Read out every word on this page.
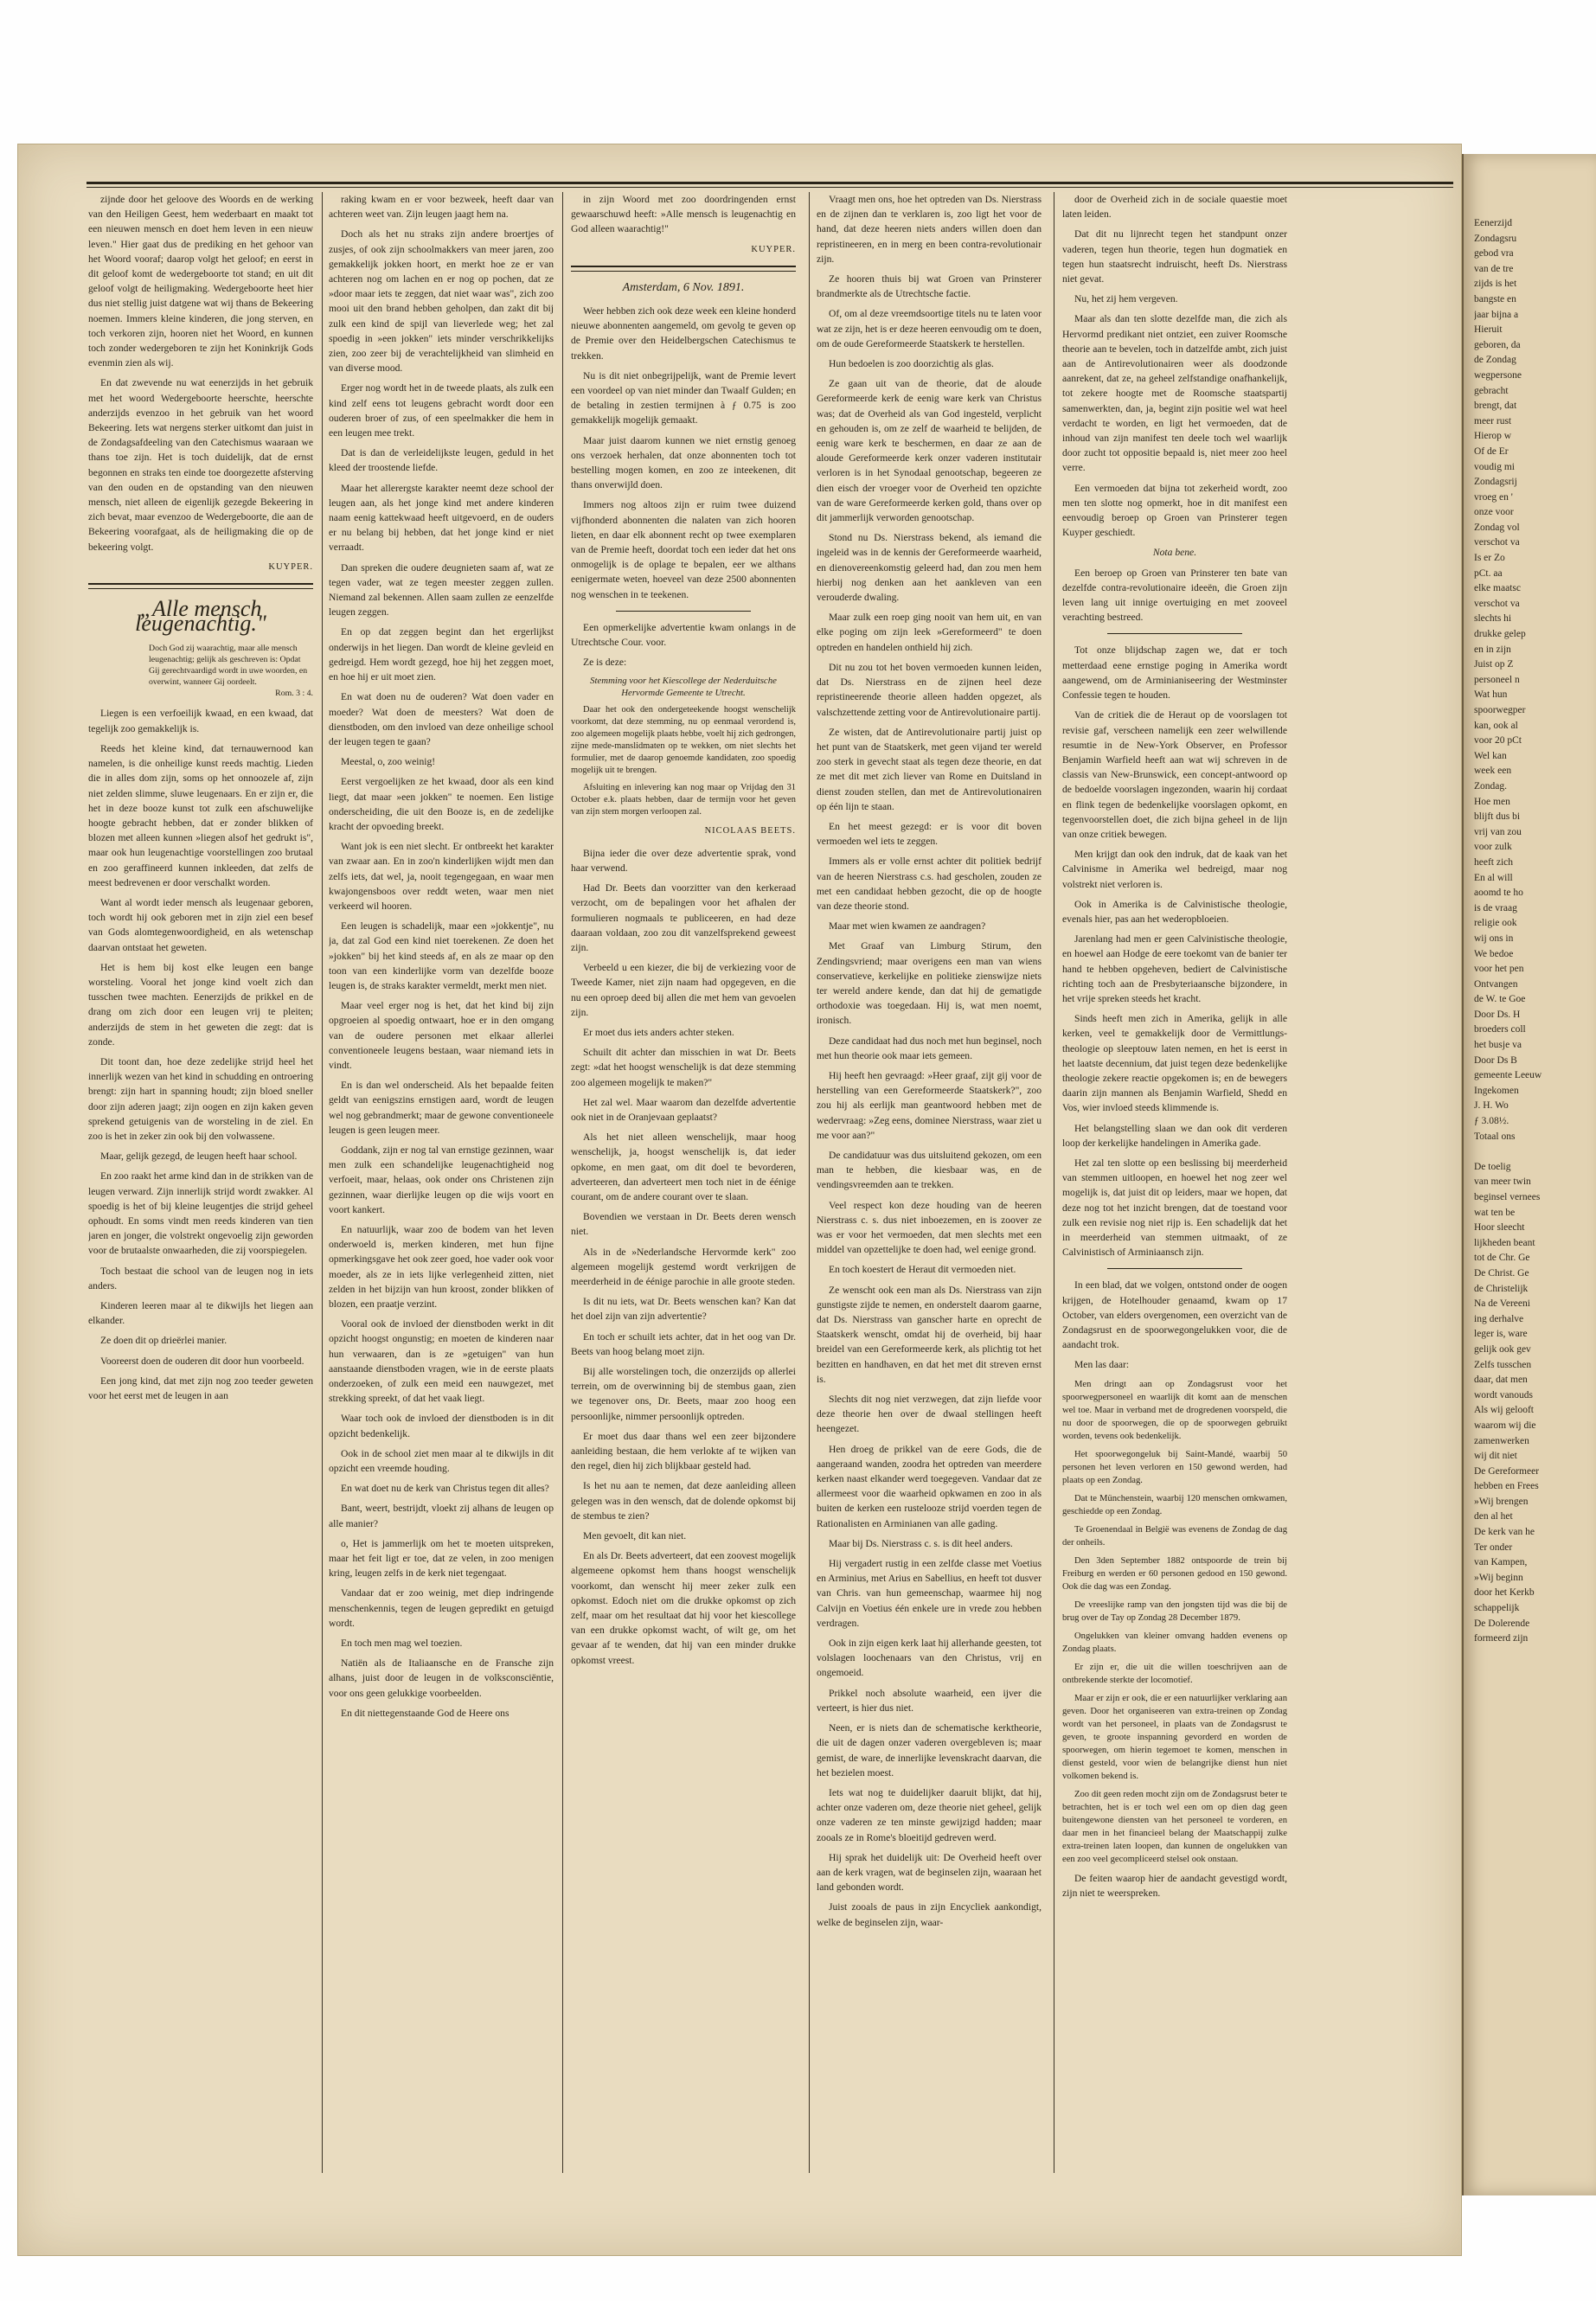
Eenerzijd
Zondagsru
gebod vra
van de tre
zijds is het
bangste en
jaar bijna a
Hieruit
geboren, da
de Zondag
wegpersone
gebracht
brengt, dat
meer rust
Hierop w
Of de Er
voudig mi
Zondagsrij
vroeg en '
onze voor
Zondag vol
verschot va
Is er Zo
pCt. aa
elke maatsc
verschot va
slechts hi
drukke gelep
en in zijn
Juist op Z
personeel n
Wat hun
spoorwegper
kan, ook al
voor 20 pCt
Wel kan
week een
Zondag.
Hoe men
blijft dus bi
vrij van zou
voor zulk
heeft zich
En al will
aoomd te ho
is de vraag
religie ook
wij ons in
We bedoe
voor het pen
Ontvangen
de W. te Goe
Door Ds. H
broeders coll
het busje va
Door Ds B
gemeente Leeuw
Ingekomen
J. H. Wo
ƒ 3.08½.
Totaal ons

De toelig
van meer twin
beginsel vernees
wat ten be
Hoor sleecht
lijkheden beant
tot de Chr. Ge
De Christ. Ge
de Christelijk
Na de Vereeni
ing derhalve
leger is, ware
gelijk ook gev
Zelfs tusschen
daar, dat men
wordt vanouds
Als wij gelooft
waarom wij die
zamenwerken
wij dit niet
De Gereformeer
hebben en Frees
»Wij brengen
den al het
De kerk van he
Ter onder
van Kampen,
»Wij beginn
door het Kerkb
schappelijk
De Dolerende
formeerd zijn

zijnde door het geloove des Woords en de werking van den Heiligen Geest, hem wederbaart en maakt tot een nieuwen mensch en doet hem leven in een nieuw leven." Hier gaat dus de prediking en het gehoor van het Woord vooraf; daarop volgt het geloof; en eerst in dit geloof komt de wedergeboorte tot stand; en uit dit geloof volgt de heiligmaking. Wedergeboorte heet hier dus niet stellig juist datgene wat wij thans de Bekeering noemen. Immers kleine kinderen, die jong sterven, en toch verkoren zijn, hooren niet het Woord, en kunnen toch zonder wedergeboren te zijn het Koninkrijk Gods evenmin zien als wij.

En dat zwevende nu wat eenerzijds in het gebruik met het woord Wedergeboorte heerschte, heerschte anderzijds evenzoo in het gebruik van het woord Bekeering. Iets wat nergens sterker uitkomt dan juist in de Zondagsafdeeling van den Catechismus waaraan we thans toe zijn. Het is toch duidelijk, dat de ernst begonnen en straks ten einde toe doorgezette afsterving van den ouden en de opstanding van den nieuwen mensch, niet alleen de eigenlijk gezegde Bekeering in zich bevat, maar evenzoo de Wedergeboorte, die aan de Bekeering voorafgaat, als de heiligmaking die op de bekeering volgt.

KUYPER.
„Alle mensch leugenachtig."
Doch God zij waarachtig, maar alle mensch leugenachtig; gelijk als geschreven is: Opdat Gij gerechtvaardigd wordt in uwe woorden, en overwint, wanneer Gij oordeelt.
Rom. 3 : 4.

Liegen is een verfoeilijk kwaad, en een kwaad, dat tegelijk zoo gemakkelijk is.

Reeds het kleine kind, dat ternauwernood kan namelen, is die onheilige kunst reeds machtig. Lieden die in alles dom zijn, soms op het onnoozele af, zijn niet zelden slimme, sluwe leugenaars. En er zijn er, die het in deze booze kunst tot zulk een afschuwelijke hoogte gebracht hebben, dat er zonder blikken of blozen met alleen kunnen »liegen alsof het gedrukt is", maar ook hun leugenachtige voorstellingen zoo brutaal en zoo geraffineerd kunnen inkleeden, dat zelfs de meest bedrevenen er door verschalkt worden.

Want al wordt ieder mensch als leugenaar geboren, toch wordt hij ook geboren met in zijn ziel een besef van Gods alomtegenwoordigheid, en als wetenschap daarvan ontstaat het geweten.

Het is hem bij kost elke leugen een bange worsteling. Vooral het jonge kind voelt zich dan tusschen twee machten. Eenerzijds de prikkel en de drang om zich door een leugen vrij te pleiten; anderzijds de stem in het geweten die zegt: dat is zonde.

Dit toont dan, hoe deze zedelijke strijd heel het innerlijk wezen van het kind in schudding en ontroering brengt: zijn hart in spanning houdt; zijn bloed sneller door zijn aderen jaagt; zijn oogen en zijn kaken geven sprekend getuigenis van de worsteling in de ziel. En zoo is het in zeker zin ook bij den volwassene.

Maar, gelijk gezegd, de leugen heeft haar school.

En zoo raakt het arme kind dan in de strikken van de leugen verward. Zijn innerlijk strijd wordt zwakker. Al spoedig is het of bij kleine leugentjes die strijd geheel ophoudt. En soms vindt men reeds kinderen van tien jaren en jonger, die volstrekt ongevoelig zijn geworden voor de brutaalste onwaarheden, die zij voorspiegelen.

Toch bestaat die school van de leugen nog in iets anders.

Kinderen leeren maar al te dikwijls het liegen aan elkander.

Ze doen dit op drieërlei manier.

Vooreerst doen de ouderen dit door hun voorbeeld.

Een jong kind, dat met zijn nog zoo teeder geweten voor het eerst met de leugen in aan

raking kwam en er voor bezweek, heeft daar van achteren weet van. Zijn leugen jaagt hem na.

Doch als het nu straks zijn andere broertjes of zusjes, of ook zijn schoolmakkers van meer jaren, zoo gemakkelijk jokken hoort, en merkt hoe ze er van achteren nog om lachen en er nog op pochen, dat ze »door maar iets te zeggen, dat niet waar was", zich zoo mooi uit den brand hebben geholpen, dan zakt dit bij zulk een kind de spijl van lieverlede weg; het zal spoedig in »een jokken" iets minder verschrikkelijks zien, zoo zeer bij de verachtelijkheid van slimheid en van diverse mood.

Erger nog wordt het in de tweede plaats, als zulk een kind zelf eens tot leugens gebracht wordt door een ouderen broer of zus, of een speelmakker die hem in een leugen mee trekt.

Dat is dan de verleidelijkste leugen, geduld in het kleed der troostende liefde.

Maar het allerergste karakter neemt deze school der leugen aan, als het jonge kind met andere kinderen naam eenig kattekwaad heeft uitgevoerd, en de ouders er nu belang bij hebben, dat het jonge kind er niet verraadt.

Dan spreken die oudere deugnieten saam af, wat ze tegen vader, wat ze tegen meester zeggen zullen. Niemand zal bekennen. Allen saam zullen ze eenzelfde leugen zeggen.

En op dat zeggen begint dan het ergerlijkst onderwijs in het liegen. Dan wordt de kleine gevleid en gedreigd. Hem wordt gezegd, hoe hij het zeggen moet, en hoe hij er uit moet zien.

En wat doen nu de ouderen? Wat doen vader en moeder? Wat doen de meesters? Wat doen de dienstboden, om den invloed van deze onheilige school der leugen tegen te gaan?

Meestal, o, zoo weinig!

Eerst vergoelijken ze het kwaad, door als een kind liegt, dat maar »een jokken" te noemen. Een listige onderscheiding, die uit den Booze is, en de zedelijke kracht der opvoeding breekt.

Want jok is een niet slecht. Er ontbreekt het karakter van zwaar aan. En in zoo'n kinderlijken wijdt men dan zelfs iets, dat wel, ja, nooit tegengegaan, en waar men kwajongensboos over reddt weten, waar men niet verkeerd wil hooren.

Een leugen is schadelijk, maar een »jokkentje", nu ja, dat zal God een kind niet toerekenen. Ze doen het »jokken" bij het kind steeds af, en als ze maar op den toon van een kinderlijke vorm van dezelfde booze leugen is, de straks karakter vermeldt, merkt men niet.

Maar veel erger nog is het, dat het kind bij zijn opgroeien al spoedig ontwaart, hoe er in den omgang van de oudere personen met elkaar allerlei conventioneele leugens bestaan, waar niemand iets in vindt.

En is dan wel onderscheid. Als het bepaalde feiten geldt van eenigszins ernstigen aard, wordt de leugen wel nog gebrandmerkt; maar de gewone conventioneele leugen is geen leugen meer.

Goddank, zijn er nog tal van ernstige gezinnen, waar men zulk een schandelijke leugenachtigheid nog verfoeit, maar, helaas, ook onder ons Christenen zijn gezinnen, waar dierlijke leugen op die wijs voort en voort kankert.

En natuurlijk, waar zoo de bodem van het leven onderwoeld is, merken kinderen, met hun fijne opmerkingsgave het ook zeer goed, hoe vader ook voor moeder, als ze in iets lijke verlegenheid zitten, niet zelden in het bijzijn van hun kroost, zonder blikken of blozen, een praatje verzint.

Vooral ook de invloed der dienstboden werkt in dit opzicht hoogst ongunstig; en moeten de kinderen naar hun verwaaren, dan is ze »getuigen" van hun aanstaande dienstboden vragen, wie in de eerste plaats onderzoeken, of zulk een meid een nauwgezet, met strekking spreekt, of dat het vaak liegt.

Waar toch ook de invloed der dienstboden is in dit opzicht bedenkelijk.

Ook in de school ziet men maar al te dikwijls in dit opzicht een vreemde houding.

En wat doet nu de kerk van Christus tegen dit alles?

Bant, weert, bestrijdt, vloekt zij alhans de leugen op alle manier?

o, Het is jammerlijk om het te moeten uitspreken, maar het feit ligt er toe, dat ze velen, in zoo menigen kring, leugen zelfs in de kerk niet tegengaat.

Vandaar dat er zoo weinig, met diep indringende menschenkennis, tegen de leugen gepredikt en getuigd wordt.

En toch men mag wel toezien.

Natiën als de Italiaansche en de Fransche zijn alhans, juist door de leugen in de volksconsciëntie, voor ons geen gelukkige voorbeelden.

En dit niettegenstaande God de Heere ons

in zijn Woord met zoo doordringenden ernst gewaarschuwd heeft: »Alle mensch is leugenachtig en God alleen waarachtig!"

KUYPER.
Amsterdam, 6 Nov. 1891.

Weer hebben zich ook deze week een kleine honderd nieuwe abonnenten aangemeld, om gevolg te geven op de Premie over den Heidelbergschen Catechismus te trekken.

Nu is dit niet onbegrijpelijk, want de Premie levert een voordeel op van niet minder dan Twaalf Gulden; en de betaling in zestien termijnen à ƒ 0.75 is zoo gemakkelijk mogelijk gemaakt.

Maar juist daarom kunnen we niet ernstig genoeg ons verzoek herhalen, dat onze abonnenten toch tot bestelling mogen komen, en zoo ze inteekenen, dit thans onverwijld doen.

Immers nog altoos zijn er ruim twee duizend vijfhonderd abonnenten die nalaten van zich hooren lieten, en daar elk abonnent recht op twee exemplaren van de Premie heeft, doordat toch een ieder dat het ons onmogelijk is de oplage te bepalen, eer we althans eenigermate weten, hoeveel van deze 2500 abonnenten nog wenschen in te teekenen.

Een opmerkelijke advertentie kwam onlangs in de Utrechtsche Cour. voor.

Ze is deze:

Stemming voor het Kiescollege der Nederduitsche Hervormde Gemeente te Utrecht.

Daar het ook den ondergeteekende hoogst wenschelijk voorkomt, dat deze stemming, nu op eenmaal verordend is, zoo algemeen mogelijk plaats hebbe, voelt hij zich gedrongen, zijne mede-manslidmaten op te wekken, om niet slechts het formulier, met de daarop genoemde kandidaten, zoo spoedig mogelijk uit te brengen.

Afsluiting en inlevering kan nog maar op Vrijdag den 31 October e.k. plaats hebben, daar de termijn voor het geven van zijn stem morgen verloopen zal.

NICOLAAS BEETS.

Bijna ieder die over deze advertentie sprak, vond haar verwend.

Had Dr. Beets dan voorzitter van den kerkeraad verzocht, om de bepalingen voor het afhalen der formulieren nogmaals te publiceeren, en had deze daaraan voldaan, zoo zou dit vanzelfsprekend geweest zijn.

Verbeeld u een kiezer, die bij de verkiezing voor de Tweede Kamer, niet zijn naam had opgegeven, en die nu een oproep deed bij allen die met hem van gevoelen zijn.

Er moet dus iets anders achter steken.

Schuilt dit achter dan misschien in wat Dr. Beets zegt: »dat het hoogst wenschelijk is dat deze stemming zoo algemeen mogelijk te maken?"

Het zal wel. Maar waarom dan dezelfde advertentie ook niet in de Oranjevaan geplaatst?

Als het niet alleen wenschelijk, maar hoog wenschelijk, ja, hoogst wenschelijk is, dat ieder opkome, en men gaat, om dit doel te bevorderen, adverteeren, dan adverteert men toch niet in de éénige courant, om de andere courant over te slaan.

Bovendien we verstaan in Dr. Beets deren wensch niet.

Als in de »Nederlandsche Hervormde kerk" zoo algemeen mogelijk gestemd wordt verkrijgen de meerderheid in de éénige parochie in alle groote steden.

Is dit nu iets, wat Dr. Beets wenschen kan? Kan dat het doel zijn van zijn advertentie?

En toch er schuilt iets achter, dat in het oog van Dr. Beets van hoog belang moet zijn.

Bij alle worstelingen toch, die onzerzijds op allerlei terrein, om de overwinning bij de stembus gaan, zien we tegenover ons, Dr. Beets, maar zoo hoog een persoonlijke, nimmer persoonlijk optreden.

Er moet dus daar thans wel een zeer bijzondere aanleiding bestaan, die hem verlokte af te wijken van den regel, dien hij zich blijkbaar gesteld had.

Is het nu aan te nemen, dat deze aanleiding alleen gelegen was in den wensch, dat de dolende opkomst bij de stembus te zien?

Men gevoelt, dit kan niet.

En als Dr. Beets adverteert, dat een zoovest mogelijk algemeene opkomst hem thans hoogst wenschelijk voorkomt, dan wenscht hij meer zeker zulk een opkomst. Edoch niet om die drukke opkomst op zich zelf, maar om het resultaat dat hij voor het kiescollege van een drukke opkomst wacht, of wilt ge, om het gevaar af te wenden, dat hij van een minder drukke opkomst vreest.

Vraagt men ons, hoe het optreden van Ds. Nierstrass en de zijnen dan te verklaren is, zoo ligt het voor de hand, dat deze heeren niets anders willen doen dan repristineeren, en in merg en been contra-revolutionair zijn.

Ze hooren thuis bij wat Groen van Prinsterer brandmerkte als de Utrechtsche factie.

Of, om al deze vreemdsoortige titels nu te laten voor wat ze zijn, het is er deze heeren eenvoudig om te doen, om de oude Gereformeerde Staatskerk te herstellen.

Hun bedoelen is zoo doorzichtig als glas.

Ze gaan uit van de theorie, dat de aloude Gereformeerde kerk de eenig ware kerk van Christus was; dat de Overheid als van God ingesteld, verplicht en gehouden is, om ze zelf de waarheid te belijden, de eenig ware kerk te beschermen, en daar ze aan de aloude Gereformeerde kerk onzer vaderen institutair verloren is in het Synodaal genootschap, begeeren ze dien eisch der vroeger voor de Overheid ten opzichte van de ware Gereformeerde kerken gold, thans over op dit jammerlijk verworden genootschap.

Stond nu Ds. Nierstrass bekend, als iemand die ingeleid was in de kennis der Gereformeerde waarheid, en dienovereenkomstig geleerd had, dan zou men hem hierbij nog denken aan het aankleven van een verouderde dwaling.

Maar zulk een roep ging nooit van hem uit, en van elke poging om zijn leek »Gereformeerd" te doen optreden en handelen onthield hij zich.

Dit nu zou tot het boven vermoeden kunnen leiden, dat Ds. Nierstrass en de zijnen heel deze repristineerende theorie alleen hadden opgezet, als valschzettende zetting voor de Antirevolutionaire partij.

Ze wisten, dat de Antirevolutionaire partij juist op het punt van de Staatskerk, met geen vijand ter wereld zoo sterk in gevecht staat als tegen deze theorie, en dat ze met dit met zich liever van Rome en Duitsland in dienst zouden stellen, dan met de Antirevolutionairen op één lijn te staan.

En het meest gezegd: er is voor dit boven vermoeden wel iets te zeggen.

Immers als er volle ernst achter dit politiek bedrijf van de heeren Nierstrass c.s. had gescholen, zouden ze met een candidaat hebben gezocht, die op de hoogte van deze theorie stond.

Maar met wien kwamen ze aandragen?

Met Graaf van Limburg Stirum, den Zendingsvriend; maar overigens een man van wiens conservatieve, kerkelijke en politieke zienswijze niets ter wereld andere kende, dan dat hij de gematigde orthodoxie was toegedaan. Hij is, wat men noemt, ironisch.

Deze candidaat had dus noch met hun beginsel, noch met hun theorie ook maar iets gemeen.

Hij heeft hen gevraagd: »Heer graaf, zijt gij voor de herstelling van een Gereformeerde Staatskerk?", zoo zou hij als eerlijk man geantwoord hebben met de wedervraag: »Zeg eens, dominee Nierstrass, waar ziet u me voor aan?"

De candidatuur was dus uitsluitend gekozen, om een man te hebben, die kiesbaar was, en de vendingsvreemden aan te trekken.

Veel respect kon deze houding van de heeren Nierstrass c. s. dus niet inboezemen, en is zoover ze was er voor het vermoeden, dat men slechts met een middel van opzettelijke te doen had, wel eenige grond.

En toch koestert de Heraut dit vermoeden niet.

Ze wenscht ook een man als Ds. Nierstrass van zijn gunstigste zijde te nemen, en onderstelt daarom gaarne, dat Ds. Nierstrass van ganscher harte en oprecht de Staatskerk wenscht, omdat hij de overheid, bij haar breidel van een Gereformeerde kerk, als plichtig tot het bezitten en handhaven, en dat het met dit streven ernst is.

Slechts dit nog niet verzwegen, dat zijn liefde voor deze theorie hen over de dwaal stellingen heeft heengezet.

Hen droeg de prikkel van de eere Gods, die de aangeraand wanden, zoodra het optreden van meerdere kerken naast elkander werd toegegeven. Vandaar dat ze allermeest voor die waarheid opkwamen en zoo in als buiten de kerken een rustelooze strijd voerden tegen de Rationalisten en Arminianen van alle gading.

Maar bij Ds. Nierstrass c. s. is dit heel anders.

Hij vergadert rustig in een zelfde classe met Voetius en Arminius, met Arius en Sabellius, en heeft tot dusver van Chris. van hun gemeenschap, waarmee hij nog Calvijn en Voetius één enkele ure in vrede zou hebben verdragen.

Ook in zijn eigen kerk laat hij allerhande geesten, tot volslagen loochenaars van den Christus, vrij en ongemoeid.

Prikkel noch absolute waarheid, een ijver die verteert, is hier dus niet.

Neen, er is niets dan de schematische kerktheorie, die uit de dagen onzer vaderen overgebleven is; maar gemist, de ware, de innerlijke levenskracht daarvan, die het bezielen moest.

Iets wat nog te duidelijker daaruit blijkt, dat hij, achter onze vaderen om, deze theorie niet geheel, gelijk onze vaderen ze ten minste gewijzigd hadden; maar zooals ze in Rome's bloeitijd gedreven werd.

Hij sprak het duidelijk uit: De Overheid heeft over aan de kerk vragen, wat de beginselen zijn, waaraan het land gebonden wordt.

Juist zooals de paus in zijn Encycliek aankondigt, welke de beginselen zijn, waar-

door de Overheid zich in de sociale quaestie moet laten leiden.

Dat dit nu lijnrecht tegen het standpunt onzer vaderen, tegen hun theorie, tegen hun dogmatiek en tegen hun staatsrecht indruischt, heeft Ds. Nierstrass niet gevat.

Nu, het zij hem vergeven.

Maar als dan ten slotte dezelfde man, die zich als Hervormd predikant niet ontziet, een zuiver Roomsche theorie aan te bevelen, toch in datzelfde ambt, zich juist aan de Antirevolutionairen weer als doodzonde aanrekent, dat ze, na geheel zelfstandige onafhankelijk, tot zekere hoogte met de Roomsche staatspartij samenwerkten, dan, ja, begint zijn positie wel wat heel verdacht te worden, en ligt het vermoeden, dat de inhoud van zijn manifest ten deele toch wel waarlijk door zucht tot oppositie bepaald is, niet meer zoo heel verre.

Een vermoeden dat bijna tot zekerheid wordt, zoo men ten slotte nog opmerkt, hoe in dit manifest een eenvoudig beroep op Groen van Prinsterer tegen Kuyper geschiedt.

Nota bene.

Een beroep op Groen van Prinsterer ten bate van dezelfde contra-revolutionaire ideeën, die Groen zijn leven lang uit innige overtuiging en met zooveel verachting bestreed.

Tot onze blijdschap zagen we, dat er toch metterdaad eene ernstige poging in Amerika wordt aangewend, om de Arminianiseering der Westminster Confessie tegen te houden.

Van de critiek die de Heraut op de voorslagen tot revisie gaf, verscheen namelijk een zeer welwillende resumtie in de New-York Observer, en Professor Benjamin Warfield heeft aan wat wij schreven in de classis van New-Brunswick, een concept-antwoord op de bedoelde voorslagen ingezonden, waarin hij cordaat en flink tegen de bedenkelijke voorslagen opkomt, en tegenvoorstellen doet, die zich bijna geheel in de lijn van onze critiek bewegen.

Men krijgt dan ook den indruk, dat de kaak van het Calvinisme in Amerika wel bedreigd, maar nog volstrekt niet verloren is.

Ook in Amerika is de Calvinistische theologie, evenals hier, pas aan het wederopbloeien.

Jarenlang had men er geen Calvinistische theologie, en hoewel aan Hodge de eere toekomt van de banier ter hand te hebben opgeheven, bediert de Calvinistische richting toch aan de Presbyteriaansche bijzondere, in het vrije spreken steeds het kracht.

Sinds heeft men zich in Amerika, gelijk in alle kerken, veel te gemakkelijk door de Vermittlungs-theologie op sleeptouw laten nemen, en het is eerst in het laatste decennium, dat juist tegen deze bedenkelijke theologie zekere reactie opgekomen is; en de bewegers daarin zijn mannen als Benjamin Warfield, Shedd en Vos, wier invloed steeds klimmende is.

Het belangstelling slaan we dan ook dit verderen loop der kerkelijke handelingen in Amerika gade.

Het zal ten slotte op een beslissing bij meerderheid van stemmen uitloopen, en hoewel het nog zeer wel mogelijk is, dat juist dit op leiders, maar we hopen, dat deze nog tot het inzicht brengen, dat de toestand voor zulk een revisie nog niet rijp is. Een schadelijk dat het in meerderheid van stemmen uitmaakt, of ze Calvinistisch of Arminiaansch zijn.

In een blad, dat we volgen, ontstond onder de oogen krijgen, de Hotelhouder genaamd, kwam op 17 October, van elders overgenomen, een overzicht van de Zondagsrust en de spoorwegongelukken voor, die de aandacht trok.

Men las daar:

Men dringt aan op Zondagsrust voor het spoorwegpersoneel en waarlijk dit komt aan de menschen wel toe. Maar in verband met de drogredenen voorspeld, die nu door de spoorwegen, die op de spoorwegen gebruikt worden, tevens ook bedenkelijk.

Het spoorwegongeluk bij Saint-Mandé, waarbij 50 personen het leven verloren en 150 gewond werden, had plaats op een Zondag.

Dat te Münchenstein, waarbij 120 menschen omkwamen, geschiedde op een Zondag.

Te Groenendaal in België was evenens de Zondag de dag der onheils.

Den 3den September 1882 ontspoorde de trein bij Freiburg en werden er 60 personen gedood en 150 gewond. Ook die dag was een Zondag.

De vreeslijke ramp van den jongsten tijd was die bij de brug over de Tay op Zondag 28 December 1879.

Ongelukken van kleiner omvang hadden evenens op Zondag plaats.

Er zijn er, die uit die willen toeschrijven aan de ontbrekende sterkte der locomotief.

Maar er zijn er ook, die er een natuurlijker verklaring aan geven. Door het organiseeren van extra-treinen op Zondag wordt van het personeel, in plaats van de Zondagsrust te geven, te groote inspanning gevorderd en worden de spoorwegen, om hierin tegemoet te komen, menschen in dienst gesteld, voor wien de belangrijke dienst hun niet volkomen bekend is.

Zoo dit geen reden mocht zijn om de Zondagsrust beter te betrachten, het is er toch wel een om op dien dag geen buitengewone diensten van het personeel te vorderen, en daar men in het financieel belang der Maatschappij zulke extra-treinen laten loopen, dan kunnen de ongelukken van een zoo veel gecompliceerd stelsel ook onstaan.

De feiten waarop hier de aandacht gevestigd wordt, zijn niet te weerspreken.
